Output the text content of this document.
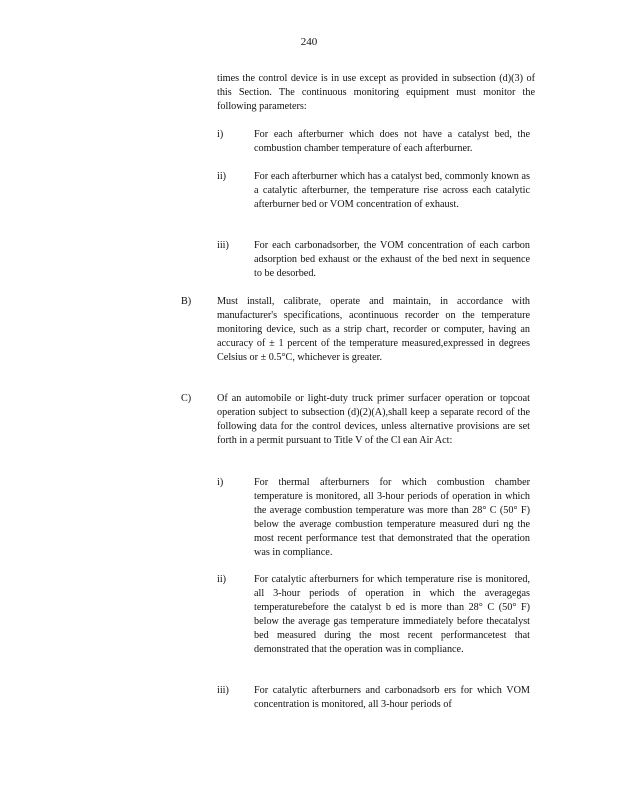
240
times the control device is in use except as provided in subsection (d)(3) of this Section. The continuous monitoring equipment must monitor the following parameters:
i)	For each afterburner which does not have a catalyst bed, the combustion chamber temperature of each afterburner.
ii)	For each afterburner which has a catalyst bed, commonly known as a catalytic afterburner, the temperature rise across each catalytic afterburner bed or VOM concentration of exhaust.
iii)	For each carbonadsorber, the VOM concentration of each carbon adsorption bed exhaust or the exhaust of the bed next in sequence to be desorbed.
B)	Must install, calibrate, operate and maintain, in accordance with manufacturer's specifications, acontinuous recorder on the temperature monitoring device, such as a strip chart, recorder or computer, having an accuracy of ± 1 percent of the temperature measured,expressed in degrees Celsius or ± 0.5°C, whichever is greater.
C)	Of an automobile or light-duty truck primer surfacer operation or topcoat operation subject to subsection (d)(2)(A),shall keep a separate record of the following data for the control devices, unless alternative provisions are set forth in a permit pursuant to Title V of the Cl ean Air Act:
i)	For thermal afterburners for which combustion chamber temperature is monitored, all 3-hour periods of operation in which the average combustion temperature was more than 28° C (50° F) below the average combustion temperature measured duri ng the most recent performance test that demonstrated that the operation was in compliance.
ii)	For catalytic afterburners for which temperature rise is monitored, all 3-hour periods of operation in which the averagegas temperaturebefore the catalyst b ed is more than 28° C (50° F) below the average gas temperature immediately before thecatalyst bed measured during the most recent performancetest that demonstrated that the operation was in compliance.
iii)	For catalytic afterburners and carbonadsorb ers for which VOM concentration is monitored, all 3-hour periods of
